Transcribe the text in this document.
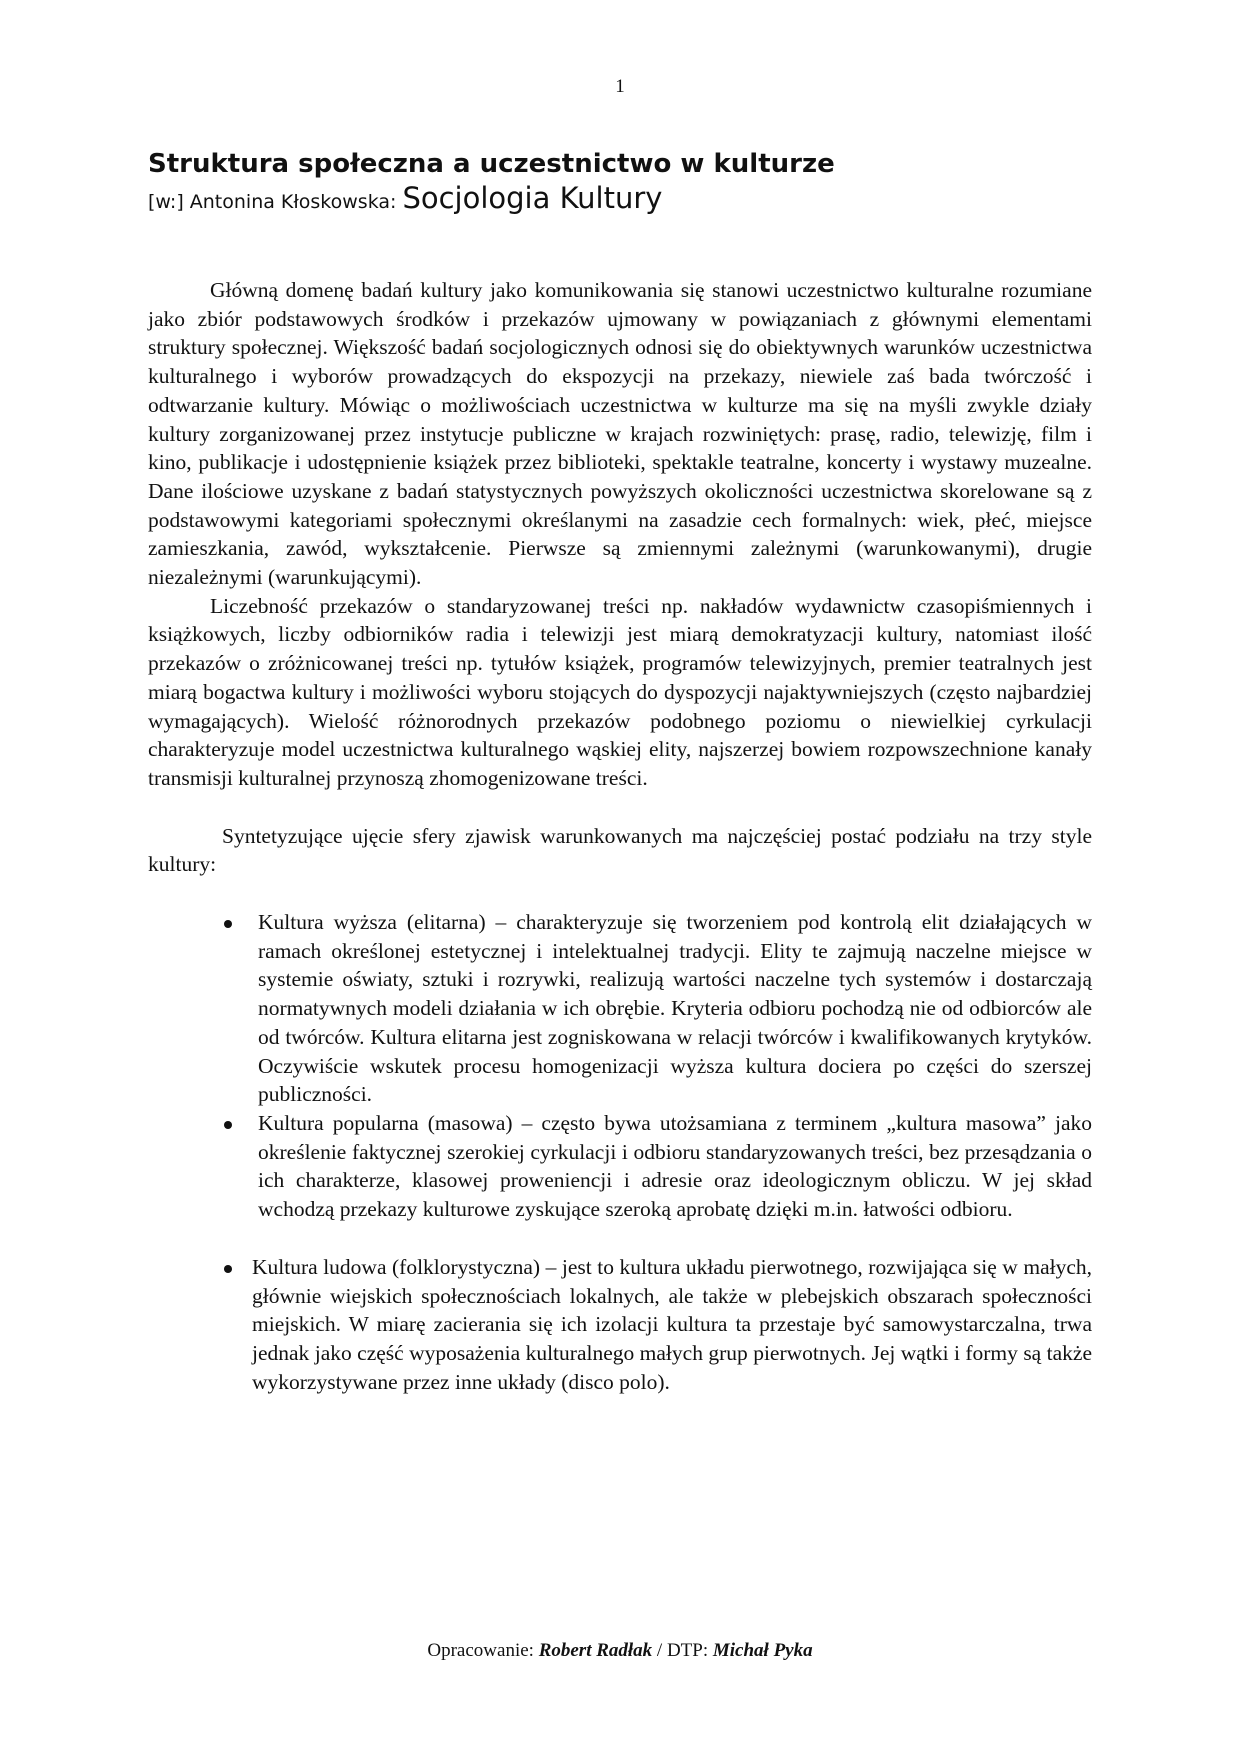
1
Struktura społeczna a uczestnictwo w kulturze
[w:] Antonina Kłoskowska: Socjologia Kultury

Główną domenę badań kultury jako komunikowania się stanowi uczestnictwo kulturalne rozumiane jako zbiór podstawowych środków i przekazów ujmowany w powiązaniach z głównymi elementami struktury społecznej. Większość badań socjologicznych odnosi się do obiektywnych warunków uczestnictwa kulturalnego i wyborów prowadzących do ekspozycji na przekazy, niewiele zaś bada twórczość i odtwarzanie kultury. Mówiąc o możliwościach uczestnictwa w kulturze ma się na myśli zwykle działy kultury zorganizowanej przez instytucje publiczne w krajach rozwiniętych: prasę, radio, telewizję, film i kino, publikacje i udostępnienie książek przez biblioteki, spektakle teatralne, koncerty i wystawy muzealne. Dane ilościowe uzyskane z badań statystycznych powyższych okoliczności uczestnictwa skorelowane są z podstawowymi kategoriami społecznymi określanymi na zasadzie cech formalnych: wiek, płeć, miejsce zamieszkania, zawód, wykształcenie. Pierwsze są zmiennymi zależnymi (warunkowanymi), drugie niezależnymi (warunkującymi).

Liczebność przekazów o standaryzowanej treści np. nakładów wydawnictw czasopiśmiennych i książkowych, liczby odbiorników radia i telewizji jest miarą demokratyzacji kultury, natomiast ilość przekazów o zróżnicowanej treści np. tytułów książek, programów telewizyjnych, premier teatralnych jest miarą bogactwa kultury i możliwości wyboru stojących do dyspozycji najaktywniejszych (często najbardziej wymagających). Wielość różnorodnych przekazów podobnego poziomu o niewielkiej cyrkulacji charakteryzuje model uczestnictwa kulturalnego wąskiej elity, najszerzej bowiem rozpowszechnione kanały transmisji kulturalnej przynoszą zhomogenizowane treści.

Syntetyzujące ujęcie sfery zjawisk warunkowanych ma najczęściej postać podziału na trzy style kultury:

Kultura wyższa (elitarna) – charakteryzuje się tworzeniem pod kontrolą elit działających w ramach określonej estetycznej i intelektualnej tradycji. Elity te zajmują naczelne miejsce w systemie oświaty, sztuki i rozrywki, realizują wartości naczelne tych systemów i dostarczają normatywnych modeli działania w ich obrębie. Kryteria odbioru pochodzą nie od odbiorców ale od twórców. Kultura elitarna jest zogniskowana w relacji twórców i kwalifikowanych krytyków. Oczywiście wskutek procesu homogenizacji wyższa kultura dociera po części do szerszej publiczności.
Kultura popularna (masowa) – często bywa utożsamiana z terminem „kultura masowa” jako określenie faktycznej szerokiej cyrkulacji i odbioru standaryzowanych treści, bez przesądzania o ich charakterze, klasowej proweniencji i adresie oraz ideologicznym obliczu. W jej skład wchodzą przekazy kulturowe zyskujące szeroką aprobatę dzięki m.in. łatwości odbioru.
Kultura ludowa (folklorystyczna) – jest to kultura układu pierwotnego, rozwijająca się w małych, głównie wiejskich społecznościach lokalnych, ale także w plebejskich obszarach społeczności miejskich. W miarę zacierania się ich izolacji kultura ta przestaje być samowystarczalna, trwa jednak jako część wyposażenia kulturalnego małych grup pierwotnych. Jej wątki i formy są także wykorzystywane przez inne układy (disco polo).
Opracowanie: Robert Radłak / DTP: Michał Pyka
